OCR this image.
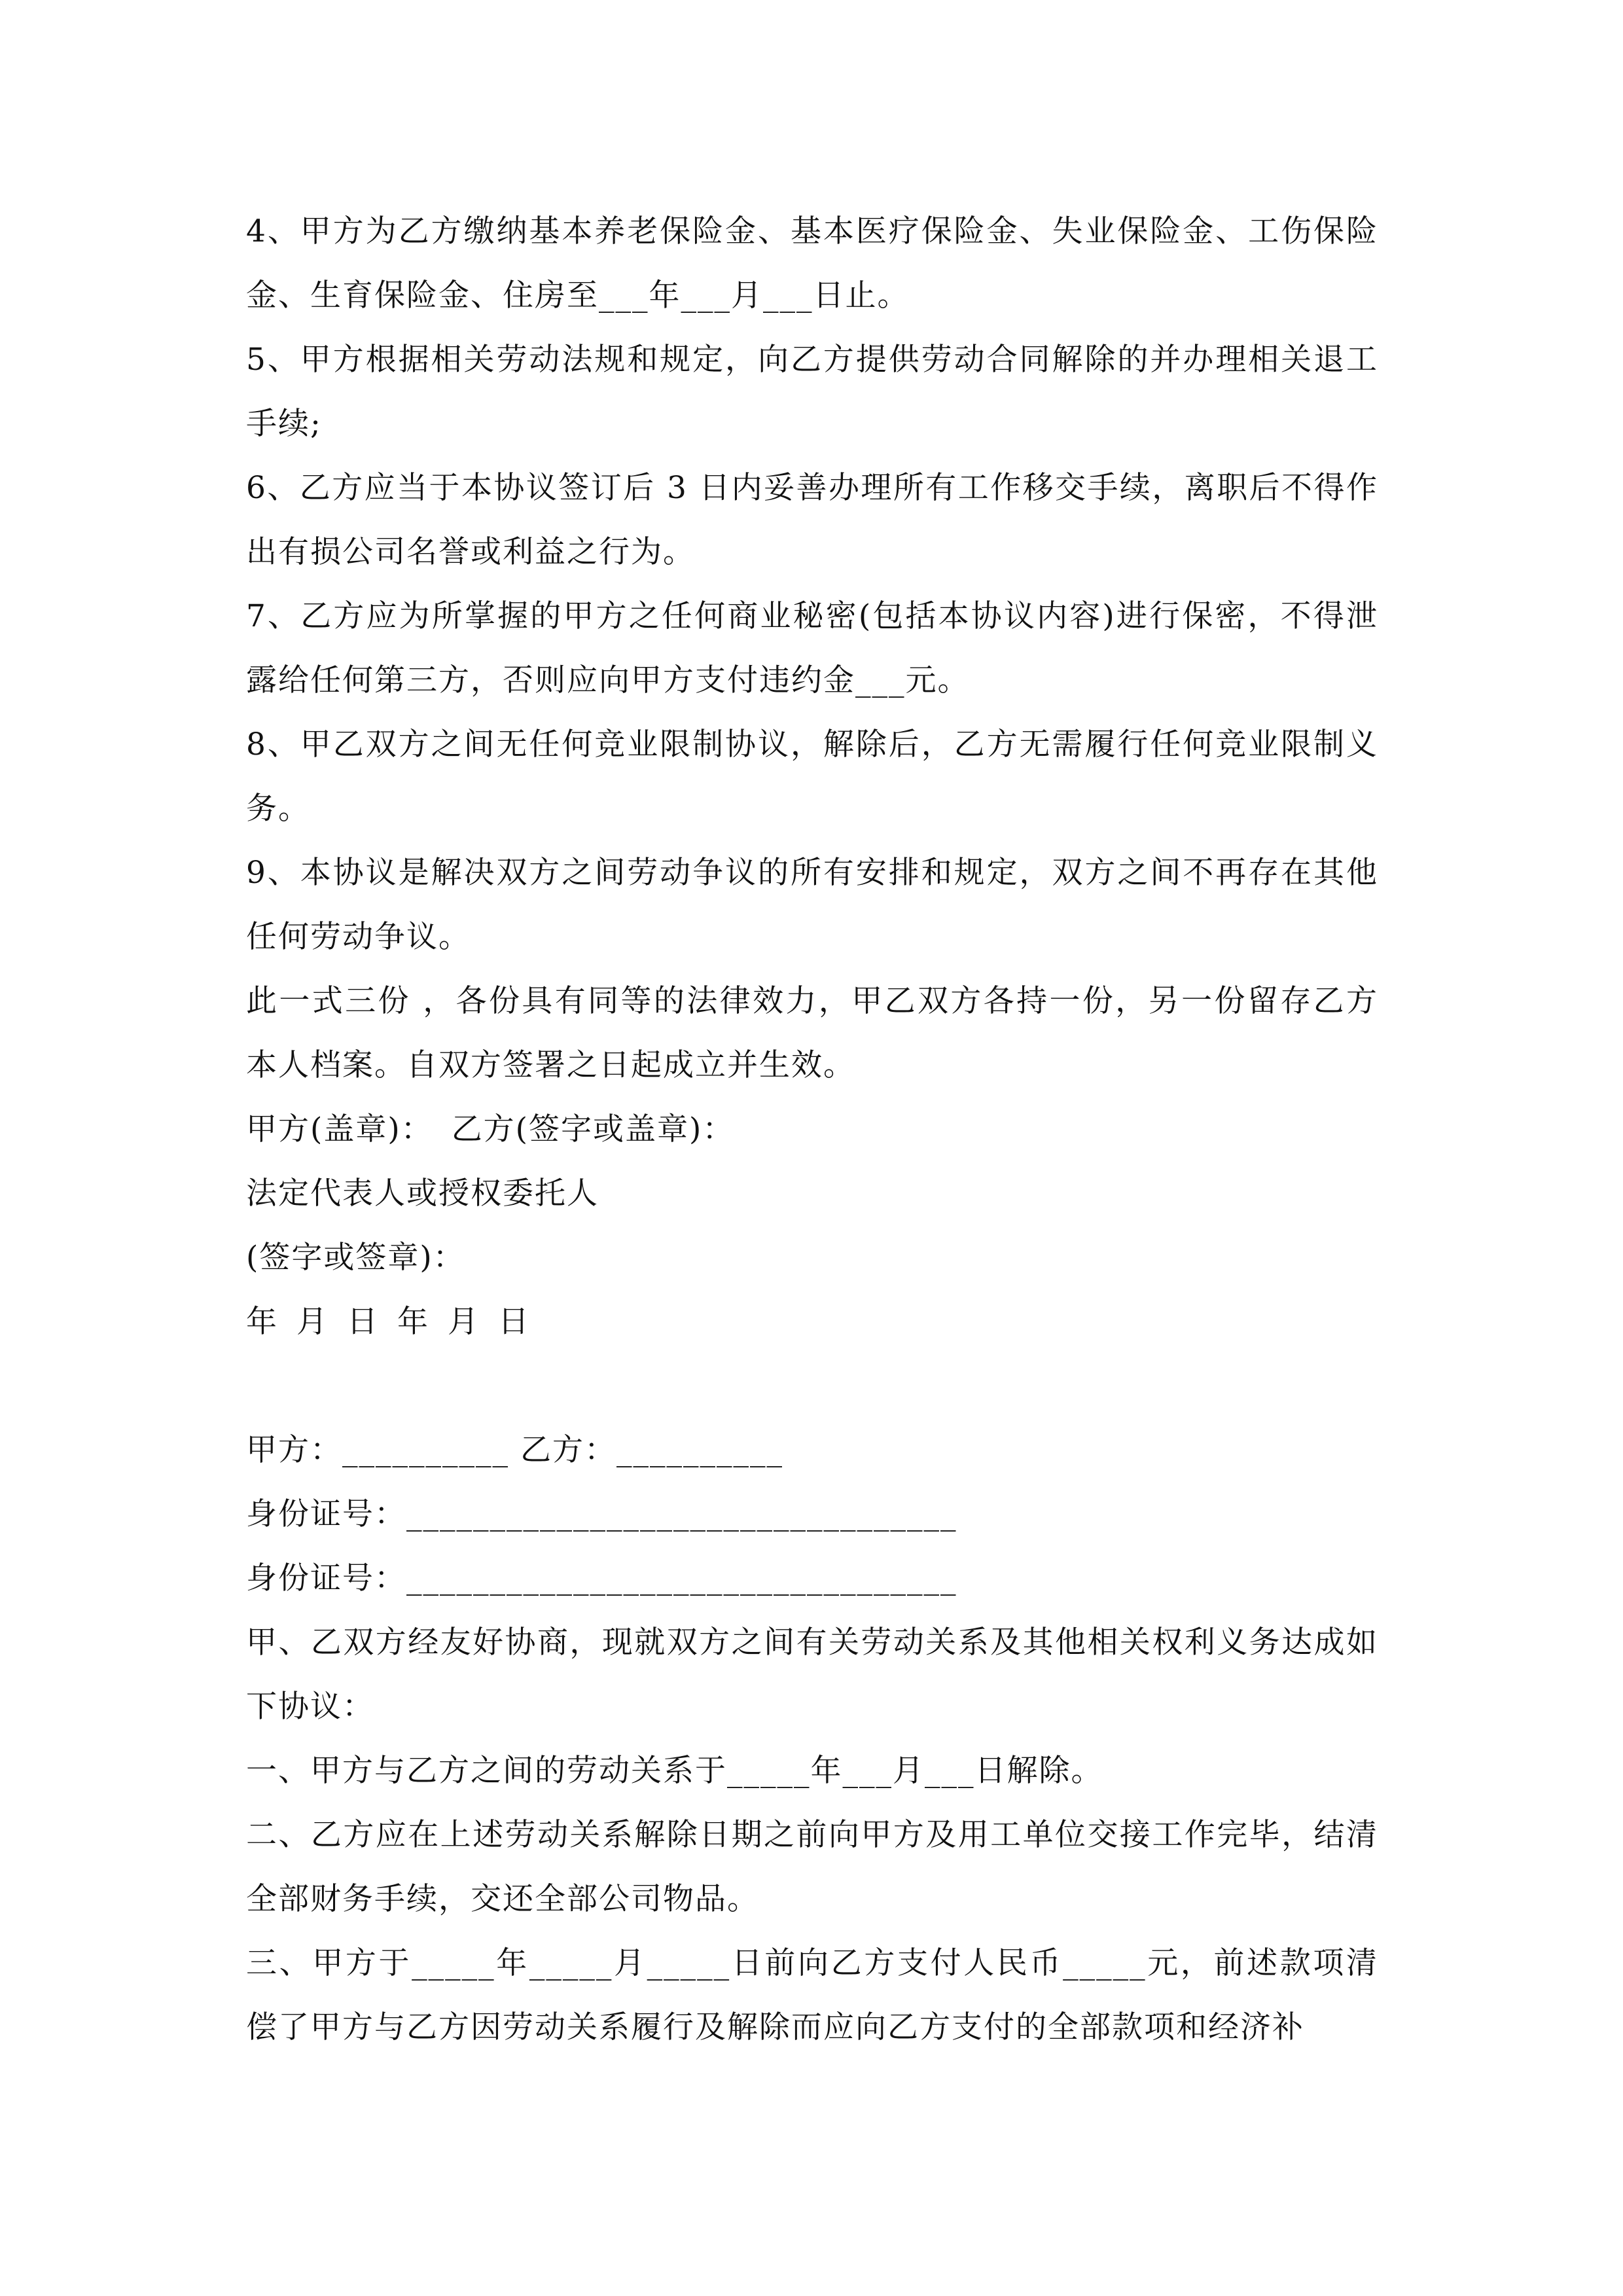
4、甲方为乙方缴纳基本养老保险金、基本医疗保险金、失业保险金、工伤保险金、生育保险金、住房至___年___月___日止。

5、甲方根据相关劳动法规和规定，向乙方提供劳动合同解除的并办理相关退工手续;

6、乙方应当于本协议签订后 3 日内妥善办理所有工作移交手续，离职后不得作出有损公司名誉或利益之行为。

7、乙方应为所掌握的甲方之任何商业秘密(包括本协议内容)进行保密，不得泄露给任何第三方，否则应向甲方支付违约金___元。

8、甲乙双方之间无任何竞业限制协议，解除后，乙方无需履行任何竞业限制义务。

9、本协议是解决双方之间劳动争议的所有安排和规定，双方之间不再存在其他任何劳动争议。

此一式三份 ，各份具有同等的法律效力，甲乙双方各持一份，另一份留存乙方本人档案。自双方签署之日起成立并生效。

甲方(盖章)： 乙方(签字或盖章)：

法定代表人或授权委托人

(签字或签章)：

年 月 日 年 月 日

甲方：__________ 乙方：__________

身份证号：_________________________________

身份证号：_________________________________

甲、乙双方经友好协商，现就双方之间有关劳动关系及其他相关权利义务达成如下协议：

一、甲方与乙方之间的劳动关系于_____年___月___日解除。

二、乙方应在上述劳动关系解除日期之前向甲方及用工单位交接工作完毕，结清全部财务手续，交还全部公司物品。

三、甲方于_____年_____月_____日前向乙方支付人民币_____元，前述款项清偿了甲方与乙方因劳动关系履行及解除而应向乙方支付的全部款项和经济补
